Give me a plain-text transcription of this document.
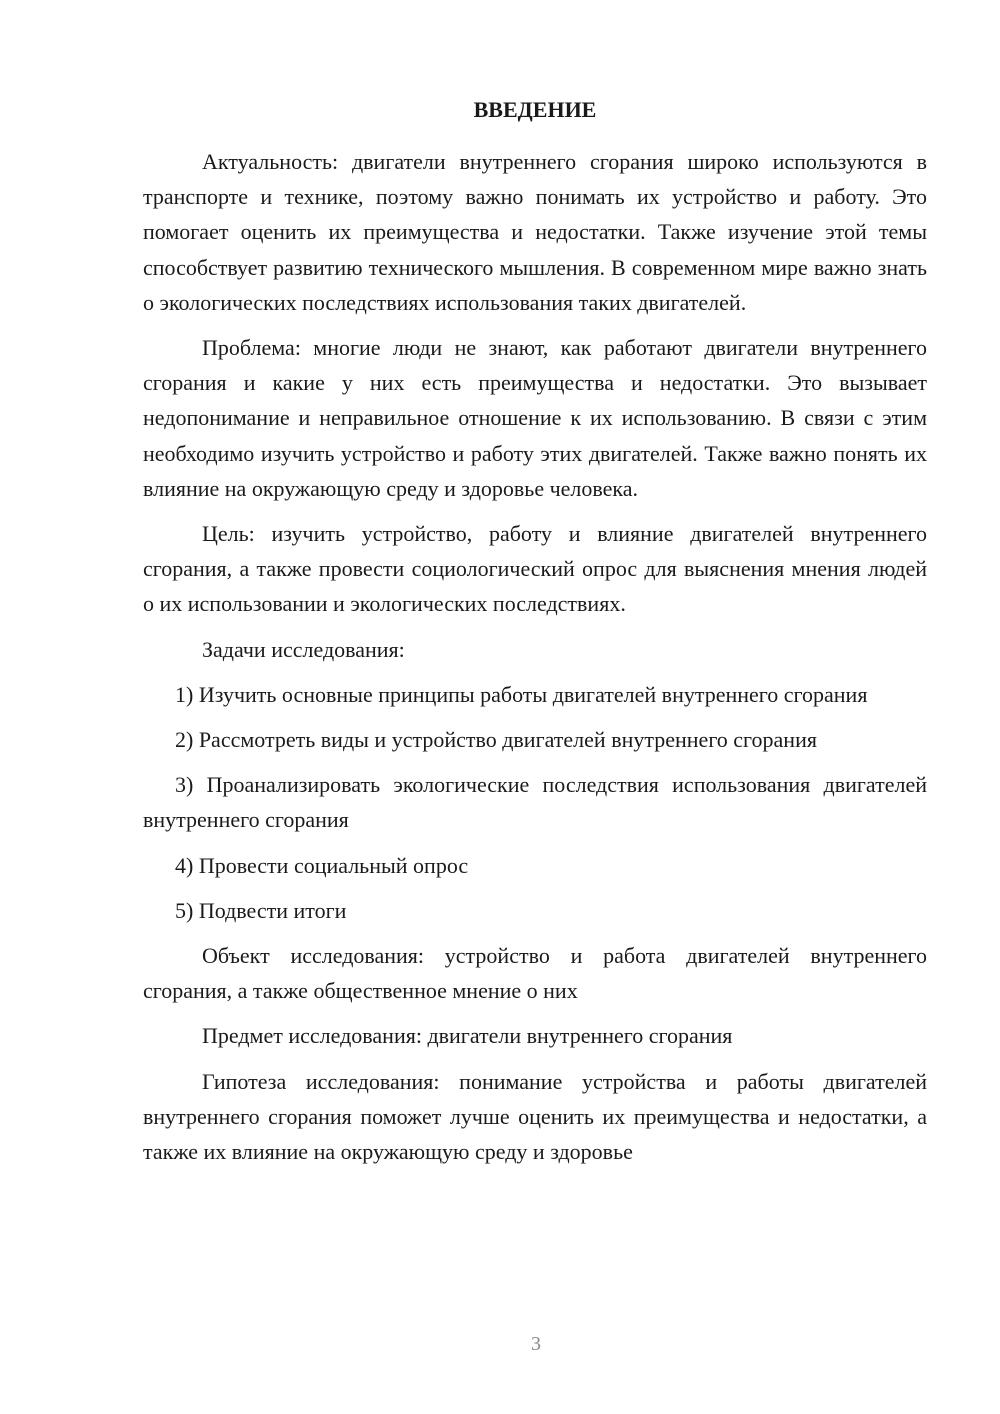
ВВЕДЕНИЕ

Актуальность: двигатели внутреннего сгорания широко используются в транспорте и технике, поэтому важно понимать их устройство и работу. Это помогает оценить их преимущества и недостатки. Также изучение этой темы способствует развитию технического мышления. В современном мире важно знать о экологических последствиях использования таких двигателей.

Проблема: многие люди не знают, как работают двигатели внутреннего сгорания и какие у них есть преимущества и недостатки. Это вызывает недопонимание и неправильное отношение к их использованию. В связи с этим необходимо изучить устройство и работу этих двигателей. Также важно понять их влияние на окружающую среду и здоровье человека.

Цель: изучить устройство, работу и влияние двигателей внутреннего сгорания, а также провести социологический опрос для выяснения мнения людей о их использовании и экологических последствиях.

Задачи исследования:

1) Изучить основные принципы работы двигателей внутреннего сгорания

2) Рассмотреть виды и устройство двигателей внутреннего сгорания

3) Проанализировать экологические последствия использования двигателей внутреннего сгорания

4) Провести социальный опрос

5) Подвести итоги

Объект исследования: устройство и работа двигателей внутреннего сгорания, а также общественное мнение о них

Предмет исследования: двигатели внутреннего сгорания

Гипотеза исследования: понимание устройства и работы двигателей внутреннего сгорания поможет лучше оценить их преимущества и недостатки, а также их влияние на окружающую среду и здоровье

3
